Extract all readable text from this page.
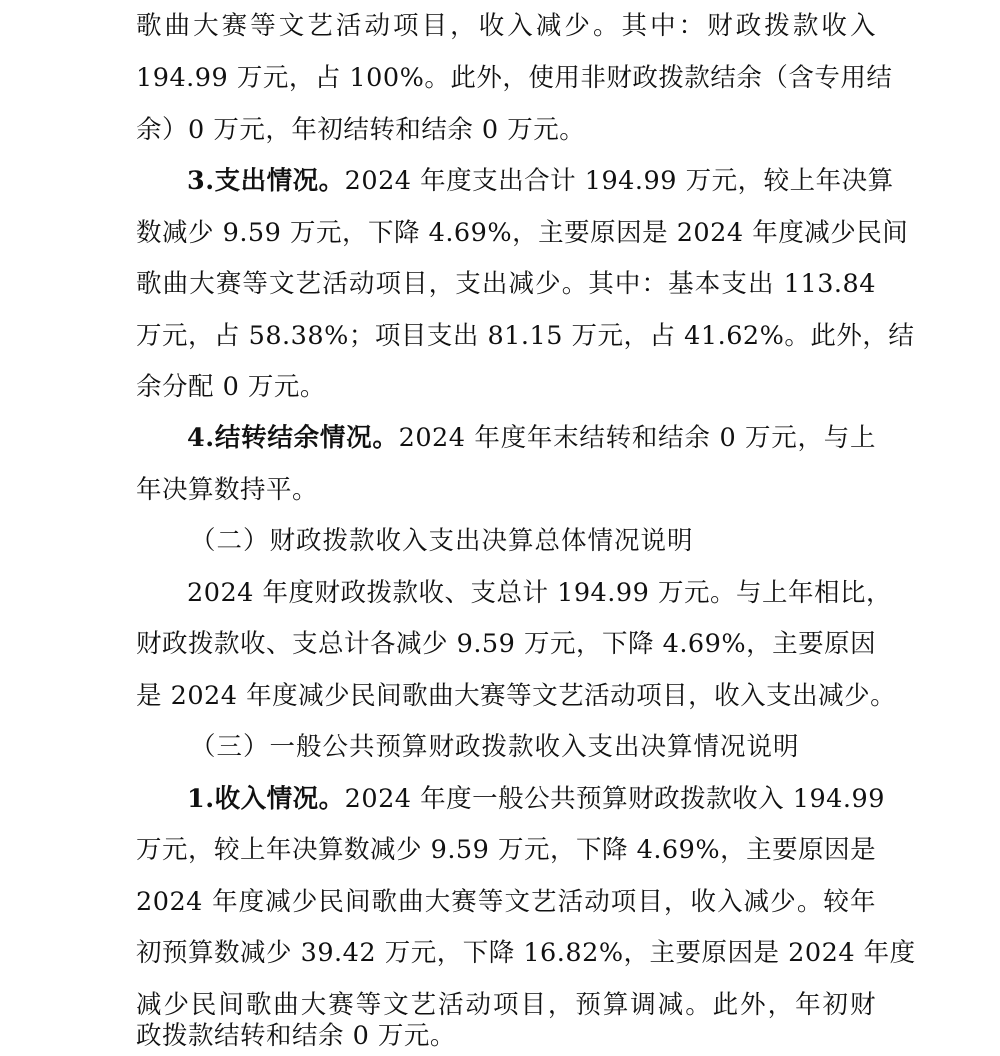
歌曲大赛等文艺活动项目，收入减少。其中：财政拨款收入
194.99 万元，占 100%。此外，使用非财政拨款结余（含专用结
余）0 万元，年初结转和结余 0 万元。
3.支出情况。2024 年度支出合计 194.99 万元，较上年决算
数减少 9.59 万元，下降 4.69%，主要原因是 2024 年度减少民间
歌曲大赛等文艺活动项目，支出减少。其中：基本支出 113.84
万元，占 58.38%；项目支出 81.15 万元，占 41.62%。此外，结
余分配 0 万元。
4.结转结余情况。2024 年度年末结转和结余 0 万元，与上
年决算数持平。
（二）财政拨款收入支出决算总体情况说明
2024 年度财政拨款收、支总计 194.99 万元。与上年相比，
财政拨款收、支总计各减少 9.59 万元，下降 4.69%，主要原因
是 2024 年度减少民间歌曲大赛等文艺活动项目，收入支出减少。
（三）一般公共预算财政拨款收入支出决算情况说明
1.收入情况。2024 年度一般公共预算财政拨款收入 194.99
万元，较上年决算数减少 9.59 万元，下降 4.69%，主要原因是
2024 年度减少民间歌曲大赛等文艺活动项目，收入减少。较年
初预算数减少 39.42 万元，下降 16.82%，主要原因是 2024 年度
减少民间歌曲大赛等文艺活动项目，预算调减。此外，年初财
政拨款结转和结余 0 万元。
